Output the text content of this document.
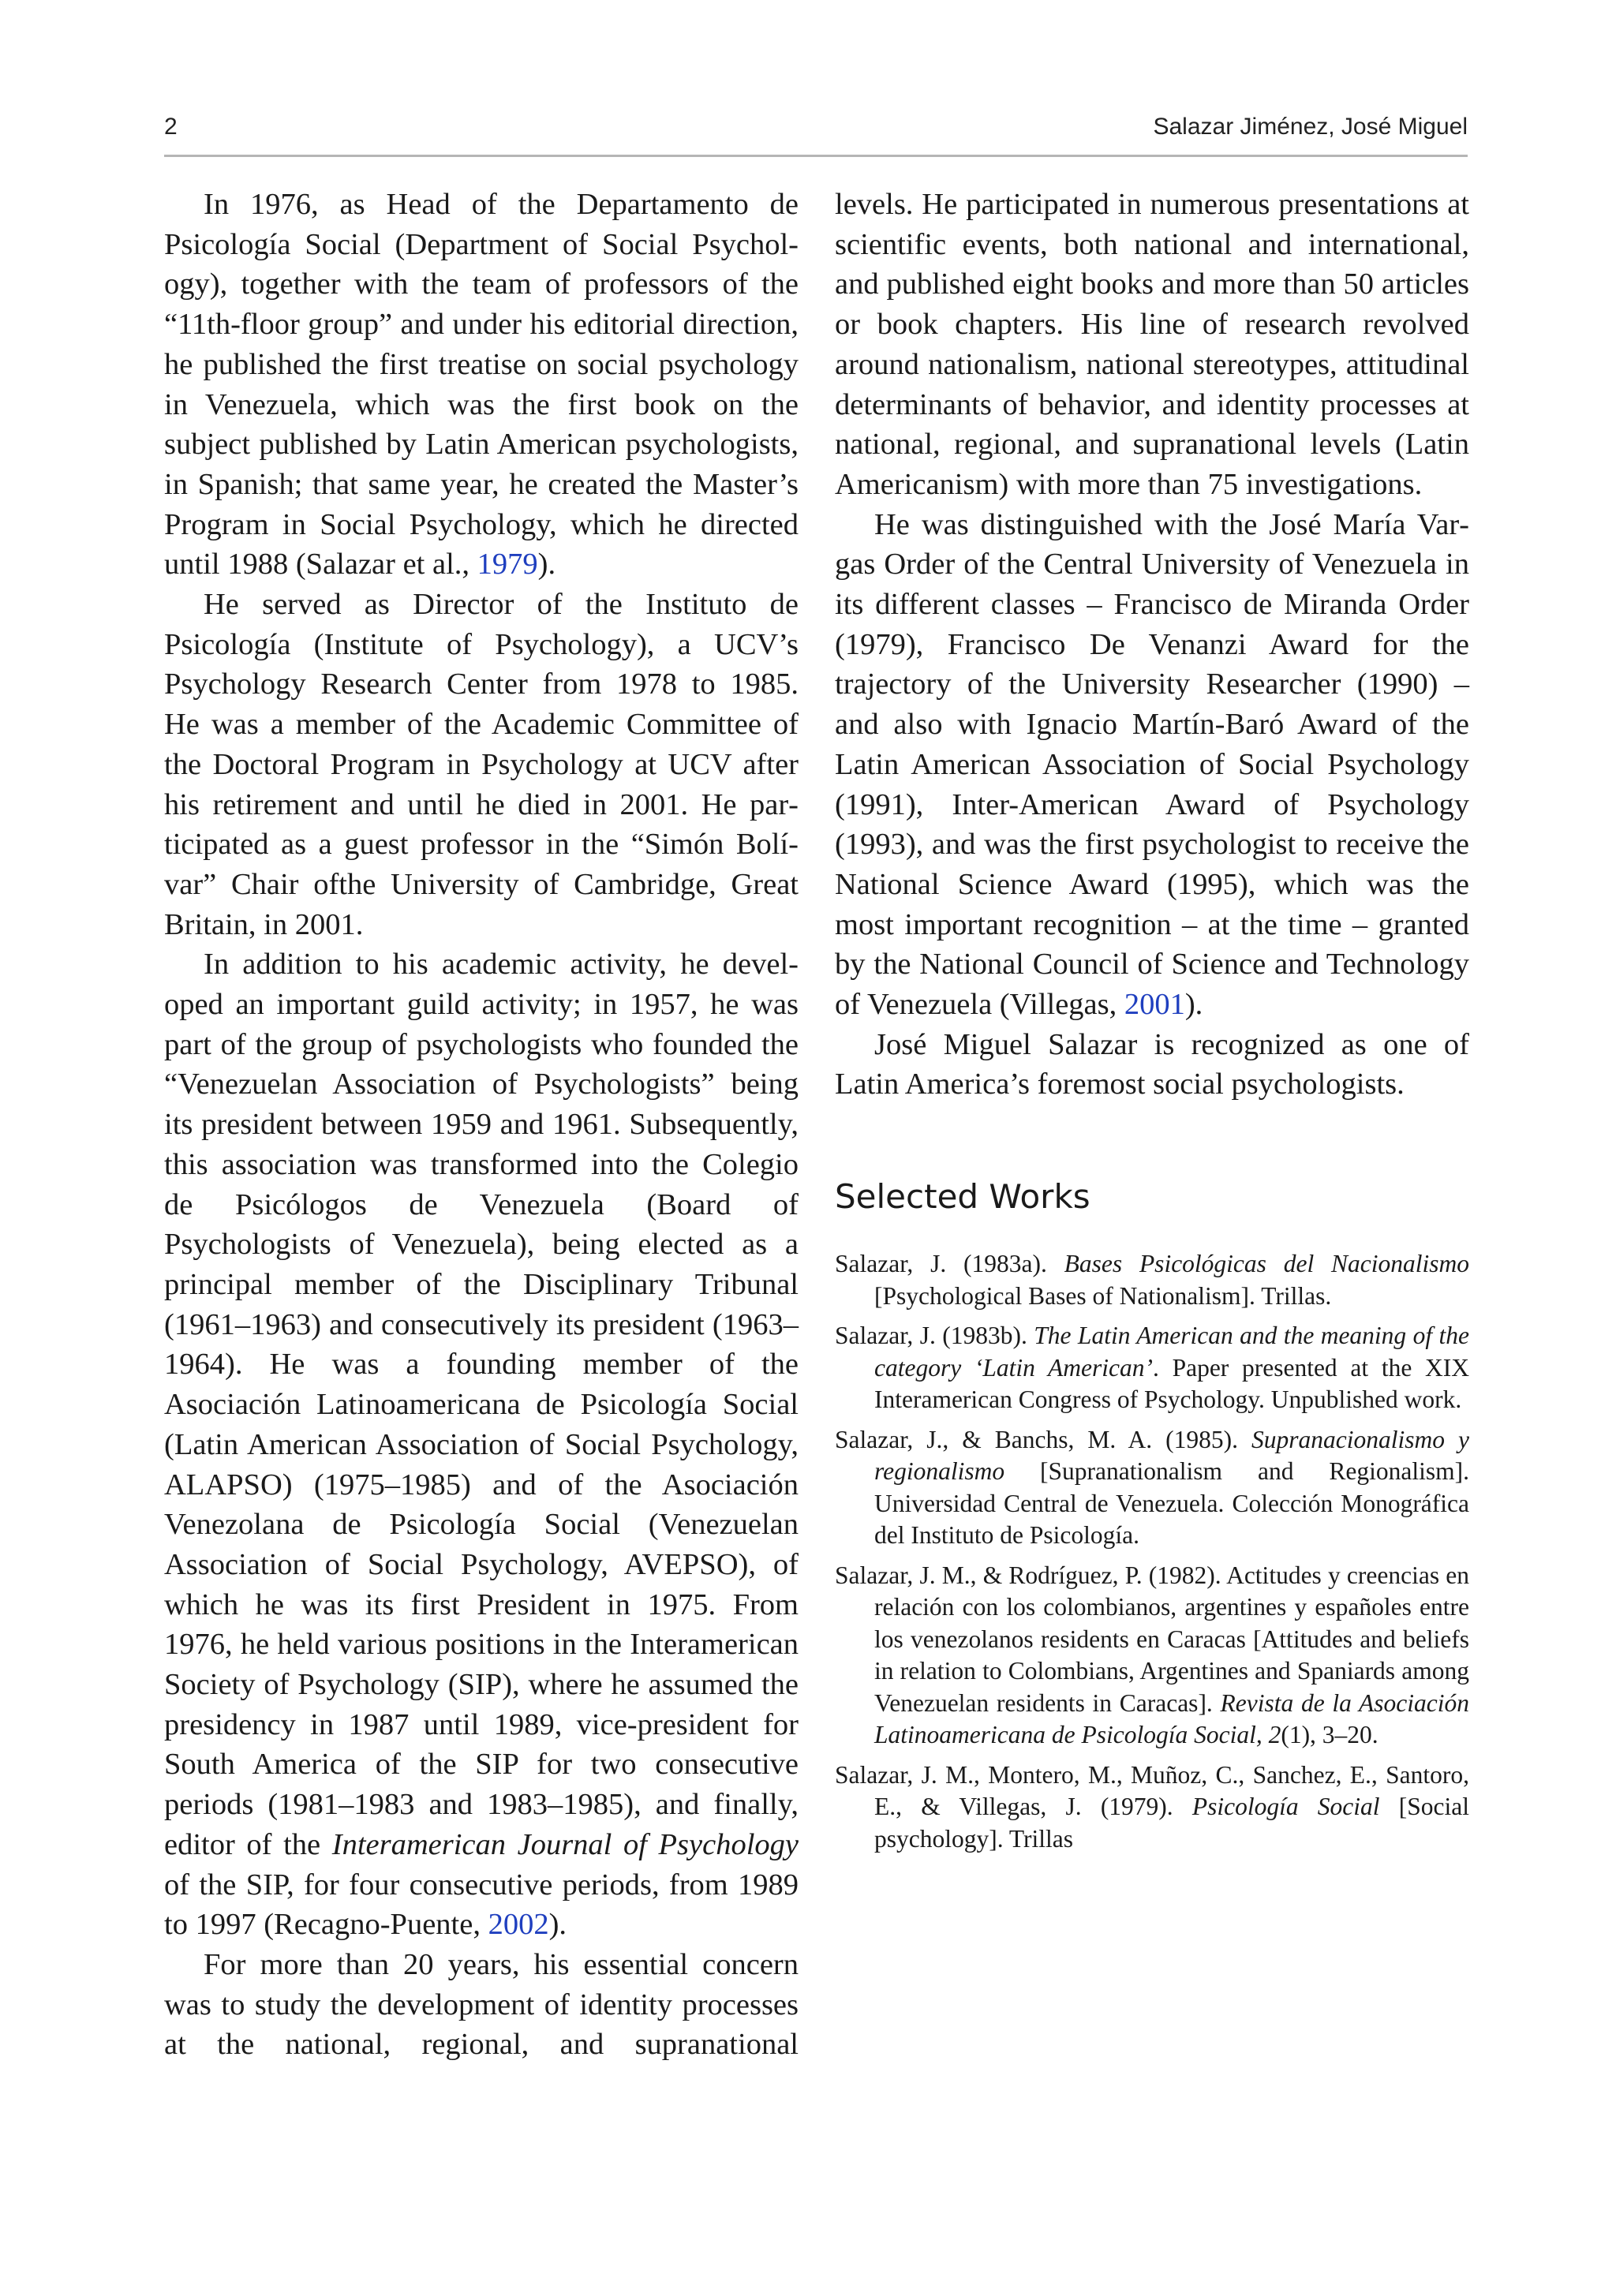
2	Salazar Jiménez, José Miguel

In 1976, as Head of the Departamento de Psicología Social (Department of Social Psychology), together with the team of professors of the “11th-floor group” and under his editorial direction, he published the first treatise on social psychology in Venezuela, which was the first book on the subject published by Latin American psychologists, in Spanish; that same year, he created the Master’s Program in Social Psychology, which he directed until 1988 (Salazar et al., 1979).

He served as Director of the Instituto de Psicología (Institute of Psychology), a UCV’s Psychology Research Center from 1978 to 1985. He was a member of the Academic Committee of the Doctoral Program in Psychology at UCV after his retirement and until he died in 2001. He participated as a guest professor in the “Simón Bolívar” Chair ofthe University of Cambridge, Great Britain, in 2001.

In addition to his academic activity, he developed an important guild activity; in 1957, he was part of the group of psychologists who founded the “Venezuelan Association of Psychologists” being its president between 1959 and 1961. Subsequently, this association was transformed into the Colegio de Psicólogos de Venezuela (Board of Psychologists of Venezuela), being elected as a principal member of the Disciplinary Tribunal (1961–1963) and consecutively its president (1963–1964). He was a founding member of the Asociación Latinoamericana de Psicología Social (Latin American Association of Social Psychology, ALAPSO) (1975–1985) and of the Asociación Venezolana de Psicología Social (Venezuelan Association of Social Psychology, AVEPSO), of which he was its first President in 1975. From 1976, he held various positions in the Interamerican Society of Psychology (SIP), where he assumed the presidency in 1987 until 1989, vice-president for South America of the SIP for two consecutive periods (1981–1983 and 1983–1985), and finally, editor of the Interamerican Journal of Psychology of the SIP, for four consecutive periods, from 1989 to 1997 (Recagno-Puente, 2002).

For more than 20 years, his essential concern was to study the development of identity processes at the national, regional, and supranational

levels. He participated in numerous presentations at scientific events, both national and international, and published eight books and more than 50 articles or book chapters. His line of research revolved around nationalism, national stereotypes, attitudinal determinants of behavior, and identity processes at national, regional, and supranational levels (Latin Americanism) with more than 75 investigations.

He was distinguished with the José María Vargas Order of the Central University of Venezuela in its different classes – Francisco de Miranda Order (1979), Francisco De Venanzi Award for the trajectory of the University Researcher (1990) – and also with Ignacio Martín-Baró Award of the Latin American Association of Social Psychology (1991), Inter-American Award of Psychology (1993), and was the first psychologist to receive the National Science Award (1995), which was the most important recognition – at the time – granted by the National Council of Science and Technology of Venezuela (Villegas, 2001).

José Miguel Salazar is recognized as one of Latin America’s foremost social psychologists.

Selected Works
Salazar, J. (1983a). Bases Psicológicas del Nacionalismo [Psychological Bases of Nationalism]. Trillas.
Salazar, J. (1983b). The Latin American and the meaning of the category ‘Latin American’. Paper presented at the XIX Interamerican Congress of Psychology. Unpublished work.
Salazar, J., & Banchs, M. A. (1985). Supranacionalismo y regionalismo [Supranationalism and Regionalism]. Universidad Central de Venezuela. Colección Monográfica del Instituto de Psicología.
Salazar, J. M., & Rodríguez, P. (1982). Actitudes y creencias en relación con los colombianos, argentines y españoles entre los venezolanos residents en Caracas [Attitudes and beliefs in relation to Colombians, Argentines and Spaniards among Venezuelan residents in Caracas]. Revista de la Asociación Latinoamericana de Psicología Social, 2(1), 3–20.
Salazar, J. M., Montero, M., Muñoz, C., Sanchez, E., Santoro, E., & Villegas, J. (1979). Psicología Social [Social psychology]. Trillas
